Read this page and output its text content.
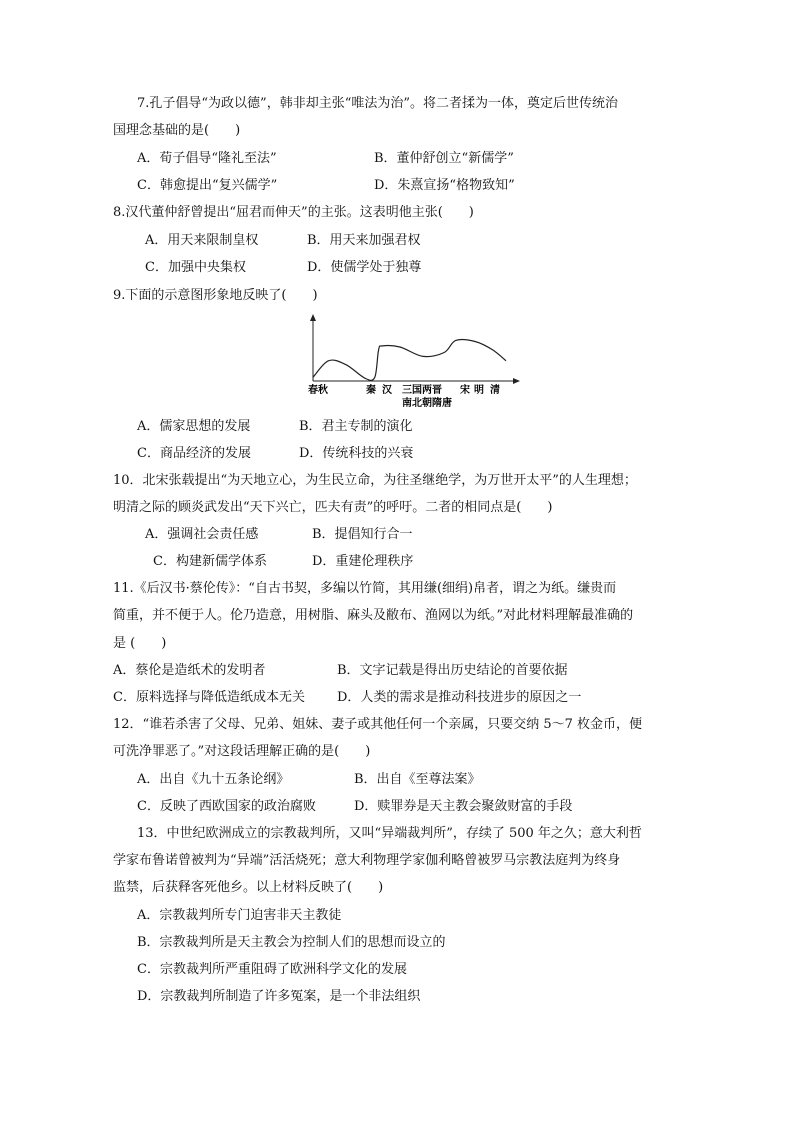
7.孔子倡导“为政以德”，韩非却主张“唯法为治”。将二者揉为一体，奠定后世传统治
国理念基础的是(　　)
A．荀子倡导“隆礼至法”	B．董仲舒创立“新儒学”
C．韩愈提出“复兴儒学”	D．朱熹宣扬“格物致知”
8.汉代董仲舒曾提出“屈君而伸天”的主张。这表明他主张(　　)
A．用天来限制皇权	B．用天来加强君权
C．加强中央集权	D．使儒学处于独尊
9.下面的示意图形象地反映了(　　)
春秋	秦 汉 三国两晋 宋 明 清
南北朝隋唐
A．儒家思想的发展	B．君主专制的演化
C．商品经济的发展	D．传统科技的兴衰
10．北宋张载提出“为天地立心，为生民立命，为往圣继绝学，为万世开太平”的人生理想；
明清之际的顾炎武发出“天下兴亡，匹夫有责”的呼吁。二者的相同点是(　　)
A．强调社会责任感	B．提倡知行合一
C．构建新儒学体系	D．重建伦理秩序
11.《后汉书·蔡伦传》：“自古书契，多编以竹简，其用缣(细绢)帛者，谓之为纸。缣贵而
简重，并不便于人。伦乃造意，用树脂、麻头及敝布、渔网以为纸。”对此材料理解最准确的
是 (　　)
A．蔡伦是造纸术的发明者	B．文字记载是得出历史结论的首要依据
C．原料选择与降低造纸成本无关 D．人类的需求是推动科技进步的原因之一
12．“谁若杀害了父母、兄弟、姐妹、妻子或其他任何一个亲属，只要交纳 5～7 枚金币，便
可洗净罪恶了。”对这段话理解正确的是(　　)
A．出自《九十五条论纲》	B．出自《至尊法案》
C．反映了西欧国家的政治腐败	D．赎罪券是天主教会聚敛财富的手段
13．中世纪欧洲成立的宗教裁判所，又叫“异端裁判所”，存续了 500 年之久；意大利哲
学家布鲁诺曾被判为“异端”活活烧死；意大利物理学家伽利略曾被罗马宗教法庭判为终身
监禁，后获释客死他乡。以上材料反映了(　　)
A．宗教裁判所专门迫害非天主教徒
B．宗教裁判所是天主教会为控制人们的思想而设立的
C．宗教裁判所严重阻碍了欧洲科学文化的发展
D．宗教裁判所制造了许多冤案，是一个非法组织
